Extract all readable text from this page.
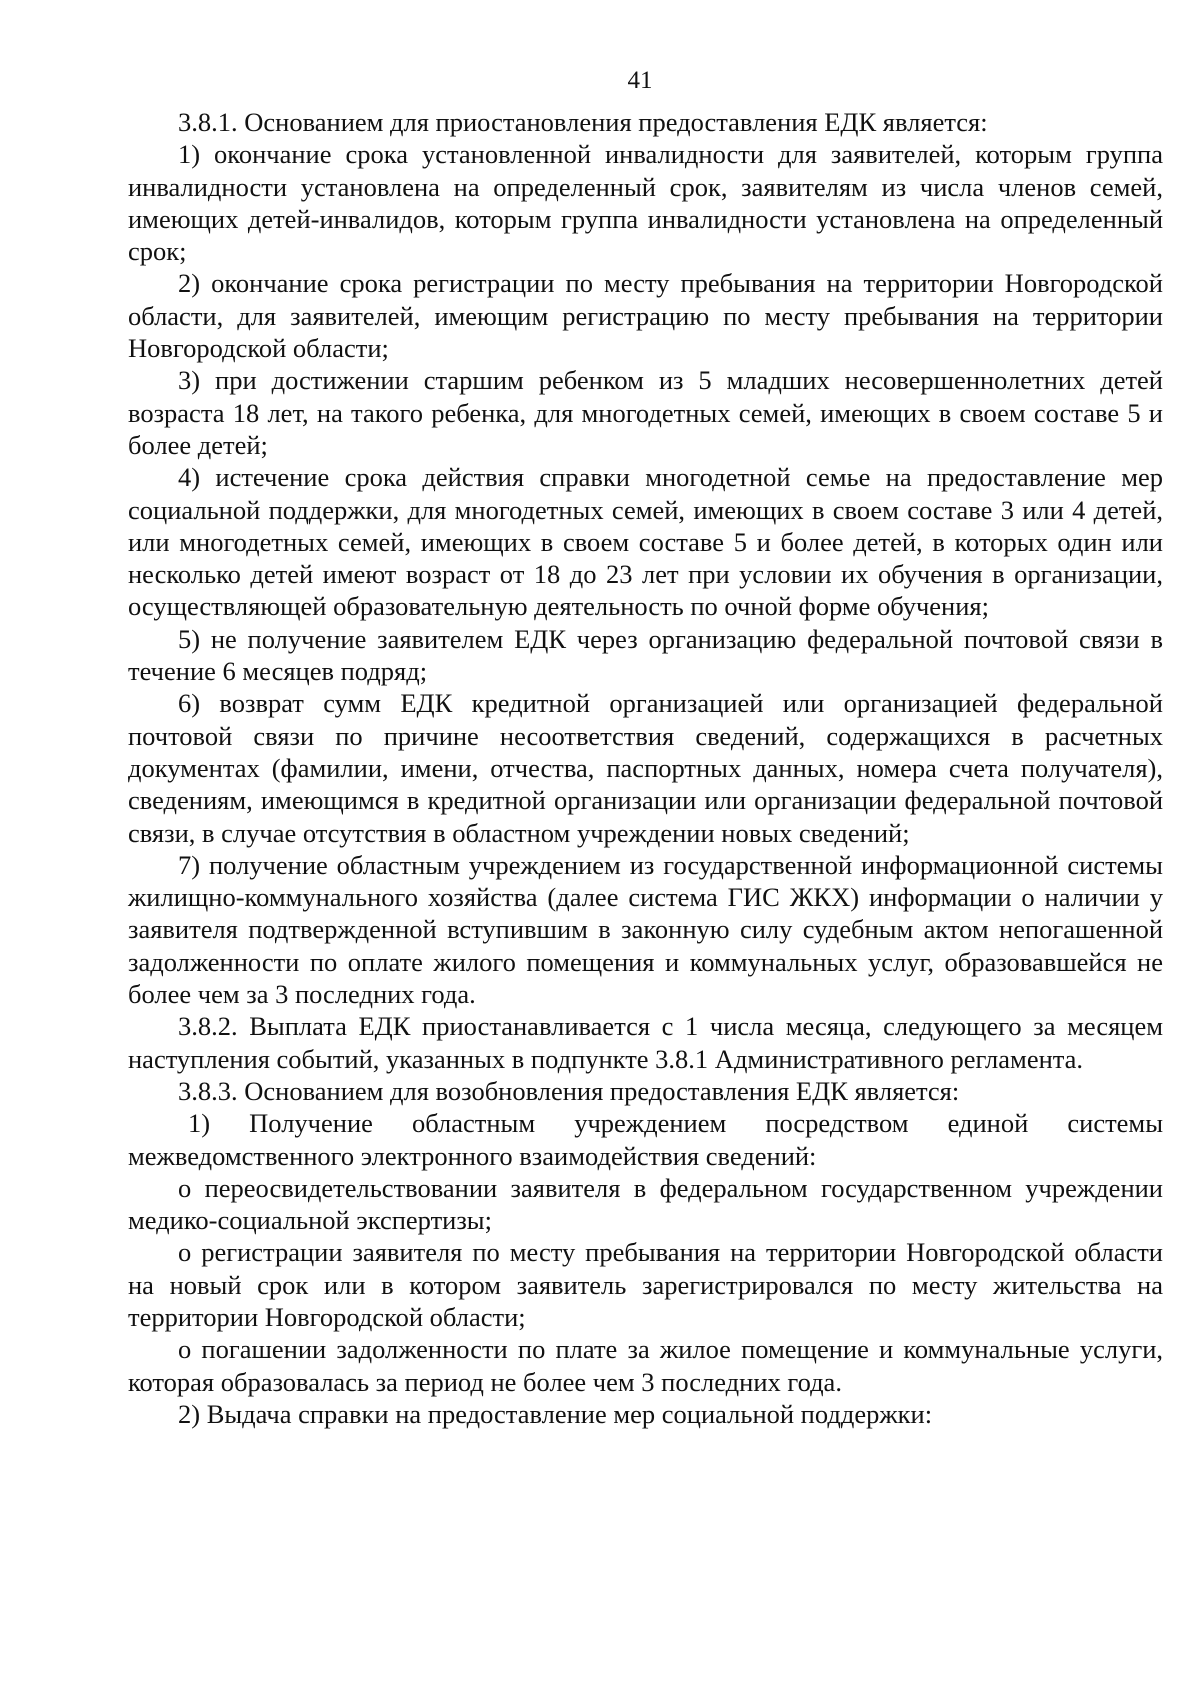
41

3.8.1. Основанием для приостановления предоставления ЕДК является:

1) окончание срока установленной инвалидности для заявителей, которым группа инвалидности установлена на определенный срок, заявителям из числа членов семей, имеющих детей-инвалидов, которым группа инвалидности установлена на определенный срок;

2) окончание срока регистрации по месту пребывания на территории Новгородской области, для заявителей, имеющим регистрацию по месту пребывания на территории Новгородской области;

3) при достижении старшим ребенком из 5 младших несовершеннолетних детей возраста 18 лет, на такого ребенка, для многодетных семей, имеющих в своем составе 5 и более детей;

4) истечение срока действия справки многодетной семье на предоставление мер социальной поддержки, для многодетных семей, имеющих в своем составе 3 или 4 детей, или многодетных семей, имеющих в своем составе 5 и более детей, в которых один или несколько детей имеют возраст от 18 до 23 лет при условии их обучения в организации, осуществляющей образовательную деятельность по очной форме обучения;

5) не получение заявителем ЕДК через организацию федеральной почтовой связи в течение 6 месяцев подряд;

6) возврат сумм ЕДК кредитной организацией или организацией федеральной почтовой связи по причине несоответствия сведений, содержащихся в расчетных документах (фамилии, имени, отчества, паспортных данных, номера счета получателя), сведениям, имеющимся в кредитной организации или организации федеральной почтовой связи, в случае отсутствия в областном учреждении новых сведений;

7) получение областным учреждением из государственной информационной системы жилищно-коммунального хозяйства (далее система ГИС ЖКХ) информации о наличии у заявителя подтвержденной вступившим в законную силу судебным актом непогашенной задолженности по оплате жилого помещения и коммунальных услуг, образовавшейся не более чем за 3 последних года.

3.8.2. Выплата ЕДК приостанавливается с 1 числа месяца, следующего за месяцем наступления событий, указанных в подпункте 3.8.1 Административного регламента.

3.8.3. Основанием для возобновления предоставления ЕДК является:

1) Получение областным учреждением посредством единой системы межведомственного электронного взаимодействия сведений:

о переосвидетельствовании заявителя в федеральном государственном учреждении медико-социальной экспертизы;

о регистрации заявителя по месту пребывания на территории Новгородской области на новый срок или в котором заявитель зарегистрировался по месту жительства на территории Новгородской области;

о погашении задолженности по плате за жилое помещение и коммунальные услуги, которая образовалась за период не более чем 3 последних года.

2) Выдача справки на предоставление мер социальной поддержки:
